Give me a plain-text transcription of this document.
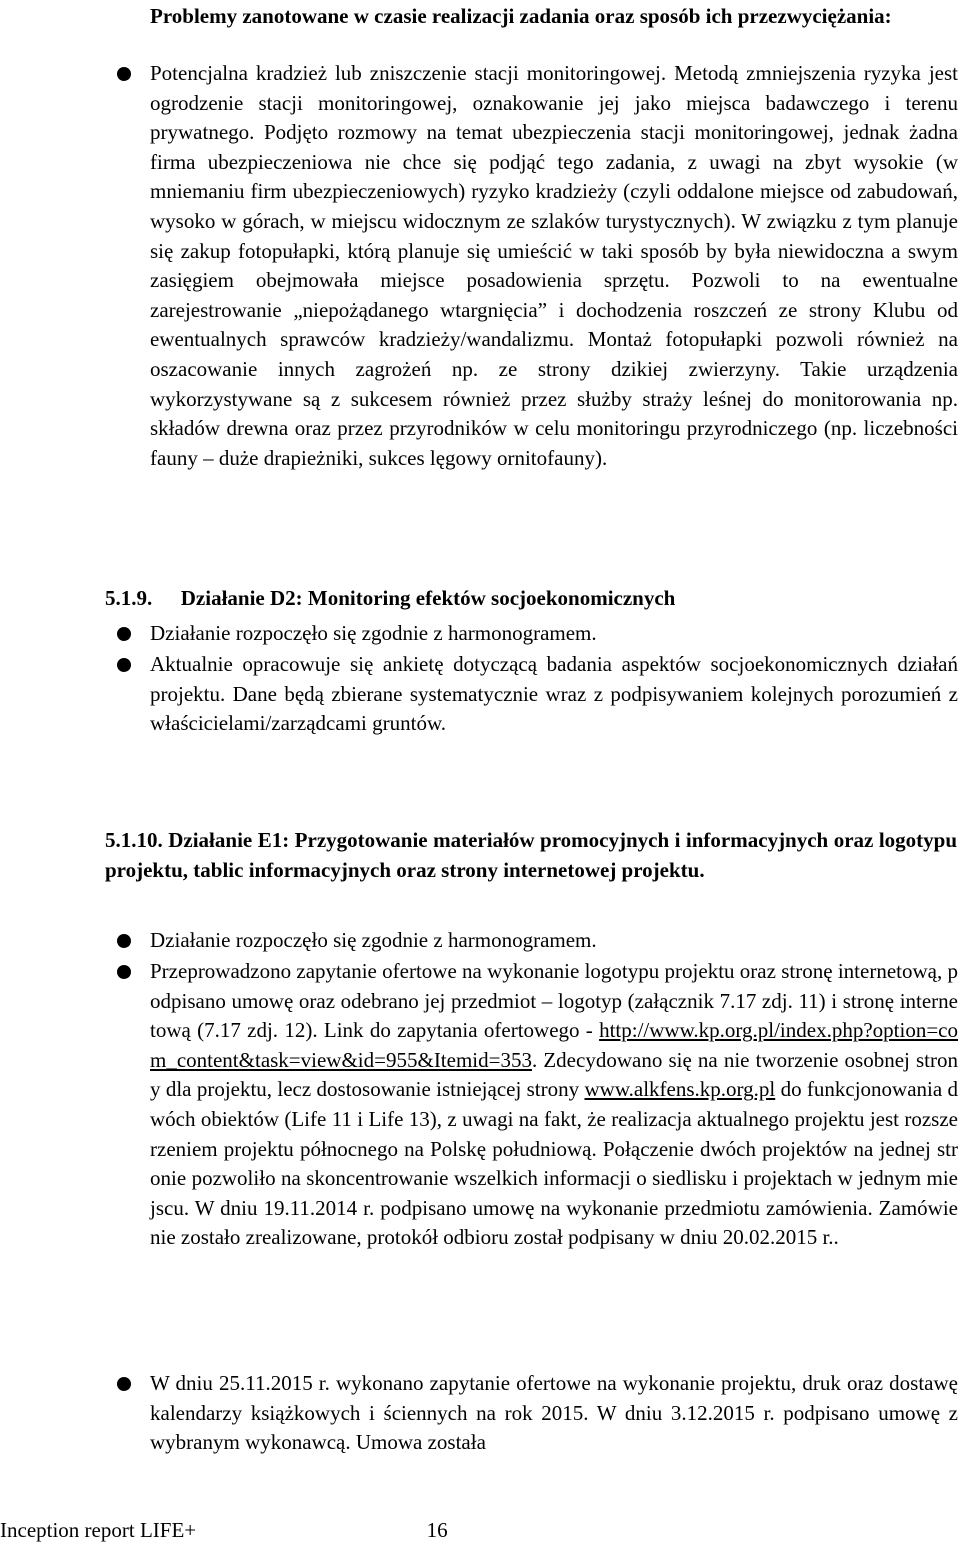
Problemy zanotowane w czasie realizacji zadania oraz sposób ich przezwyciężania:
Potencjalna kradzież lub zniszczenie stacji monitoringowej. Metodą zmniejszenia ryzyka jest ogrodzenie stacji monitoringowej, oznakowanie jej jako miejsca badawczego i terenu prywatnego. Podjęto rozmowy na temat ubezpieczenia stacji monitoringowej, jednak żadna firma ubezpieczeniowa nie chce się podjąć tego zadania, z uwagi na zbyt wysokie (w mniemaniu firm ubezpieczeniowych) ryzyko kradzieży (czyli oddalone miejsce od zabudowań, wysoko w górach, w miejscu widocznym ze szlaków turystycznych). W związku z tym planuje się zakup fotopułapki, którą planuje się umieścić w taki sposób by była niewidoczna a swym zasięgiem obejmowała miejsce posadowienia sprzętu. Pozwoli to na ewentualne zarejestrowanie „niepożądanego wtargnięcia” i dochodzenia roszczeń ze strony Klubu od ewentualnych sprawców kradzieży/wandalizmu. Montaż fotopułapki pozwoli również na oszacowanie innych zagrożeń np. ze strony dzikiej zwierzyny. Takie urządzenia wykorzystywane są z sukcesem również przez służby straży leśnej do monitorowania np. składów drewna oraz przez przyrodników w celu monitoringu przyrodniczego (np. liczebności fauny – duże drapieżniki, sukces lęgowy ornitofauny).
5.1.9. Działanie D2: Monitoring efektów socjoekonomicznych
Działanie rozpoczęło się zgodnie z harmonogramem.
Aktualnie opracowuje się ankietę dotyczącą badania aspektów socjoekonomicznych działań projektu. Dane będą zbierane systematycznie wraz z podpisywaniem kolejnych porozumień z właścicielami/zarządcami gruntów.
5.1.10. Działanie E1: Przygotowanie materiałów promocyjnych i informacyjnych oraz logotypu projektu, tablic informacyjnych oraz strony internetowej projektu.
Działanie rozpoczęło się zgodnie z harmonogramem.
Przeprowadzono zapytanie ofertowe na wykonanie logotypu projektu oraz stronę internetową, podpisano umowę oraz odebrano jej przedmiot – logotyp (załącznik 7.17 zdj. 11) i stronę internetową (7.17 zdj. 12). Link do zapytania ofertowego - http://www.kp.org.pl/index.php?option=com_content&task=view&id=955&Itemid=353. Zdecydowano się na nie tworzenie osobnej strony dla projektu, lecz dostosowanie istniejącej strony www.alkfens.kp.org.pl do funkcjonowania dwóch obiektów (Life 11 i Life 13), z uwagi na fakt, że realizacja aktualnego projektu jest rozszerzeniem projektu północnego na Polskę południową. Połączenie dwóch projektów na jednej stronie pozwoliło na skoncentrowanie wszelkich informacji o siedlisku i projektach w jednym miejscu. W dniu 19.11.2014 r. podpisano umowę na wykonanie przedmiotu zamówienia. Zamówienie zostało zrealizowane, protokół odbioru został podpisany w dniu 20.02.2015 r..
W dniu 25.11.2015 r. wykonano zapytanie ofertowe na wykonanie projektu, druk oraz dostawę kalendarzy książkowych i ściennych na rok 2015. W dniu 3.12.2015 r. podpisano umowę z wybranym wykonawcą. Umowa została
Inception report LIFE+	16
